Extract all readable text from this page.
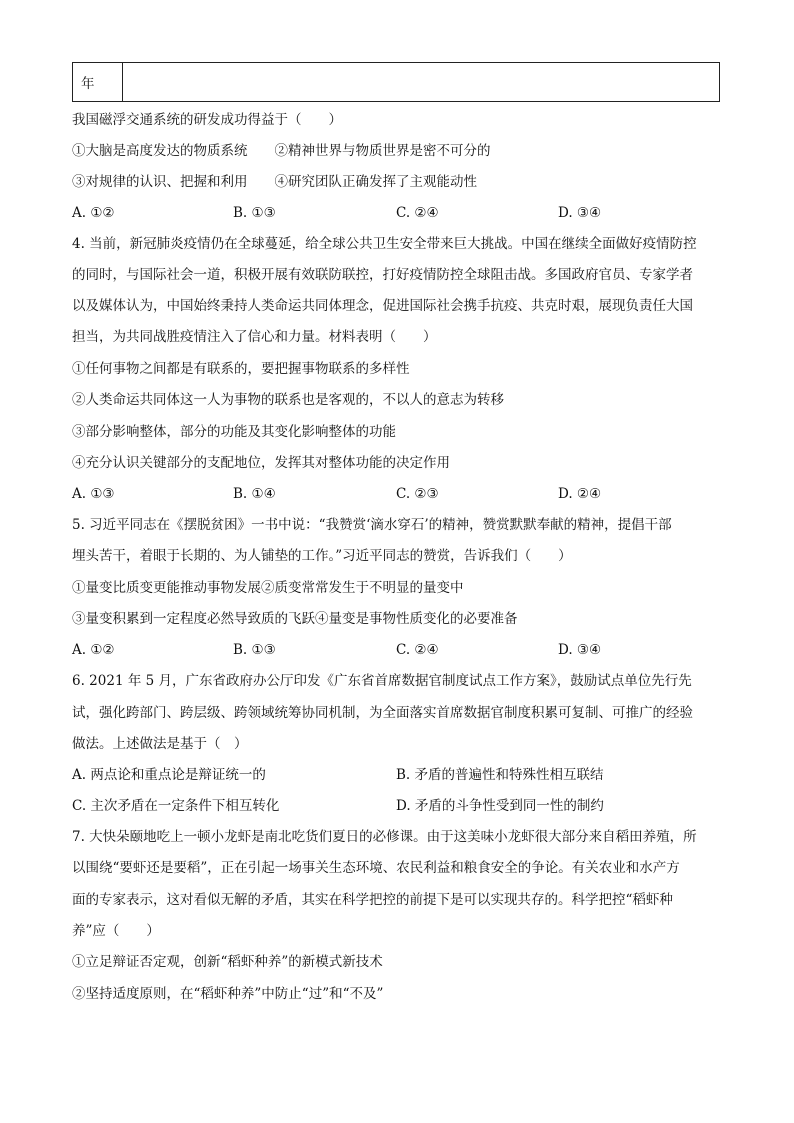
年
我国磁浮交通系统的研发成功得益于（　　）
①大脑是高度发达的物质系统　　②精神世界与物质世界是密不可分的
③对规律的认识、把握和利用　　④研究团队正确发挥了主观能动性
A. ①②	B. ①③	C. ②④	D. ③④
4. 当前，新冠肺炎疫情仍在全球蔓延，给全球公共卫生安全带来巨大挑战。中国在继续全面做好疫情防控
的同时，与国际社会一道，积极开展有效联防联控，打好疫情防控全球阻击战。多国政府官员、专家学者
以及媒体认为，中国始终秉持人类命运共同体理念，促进国际社会携手抗疫、共克时艰，展现负责任大国
担当，为共同战胜疫情注入了信心和力量。材料表明（　　）
①任何事物之间都是有联系的，要把握事物联系的多样性
②人类命运共同体这一人为事物的联系也是客观的，不以人的意志为转移
③部分影响整体，部分的功能及其变化影响整体的功能
④充分认识关键部分的支配地位，发挥其对整体功能的决定作用
A. ①③	B. ①④	C. ②③	D. ②④
5. 习近平同志在《摆脱贫困》一书中说：“我赞赏‘滴水穿石’的精神，赞赏默默奉献的精神，提倡干部
埋头苦干，着眼于长期的、为人铺垫的工作。”习近平同志的赞赏，告诉我们（　　）
①量变比质变更能推动事物发展②质变常常发生于不明显的量变中
③量变积累到一定程度必然导致质的飞跃④量变是事物性质变化的必要准备
A. ①②	B. ①③	C. ②④	D. ③④
6. 2021 年 5 月，广东省政府办公厅印发《广东省首席数据官制度试点工作方案》，鼓励试点单位先行先
试，强化跨部门、跨层级、跨领域统筹协同机制，为全面落实首席数据官制度积累可复制、可推广的经验
做法。上述做法是基于（　）
A. 两点论和重点论是辩证统一的	B. 矛盾的普遍性和特殊性相互联结
C. 主次矛盾在一定条件下相互转化	D. 矛盾的斗争性受到同一性的制约
7. 大快朵颐地吃上一顿小龙虾是南北吃货们夏日的必修课。由于这美味小龙虾很大部分来自稻田养殖，所
以围绕“要虾还是要稻”，正在引起一场事关生态环境、农民利益和粮食安全的争论。有关农业和水产方
面的专家表示，这对看似无解的矛盾，其实在科学把控的前提下是可以实现共存的。科学把控“稻虾种
养”应（　　）
①立足辩证否定观，创新“稻虾种养”的新模式新技术
②坚持适度原则，在“稻虾种养”中防止“过”和“不及”
